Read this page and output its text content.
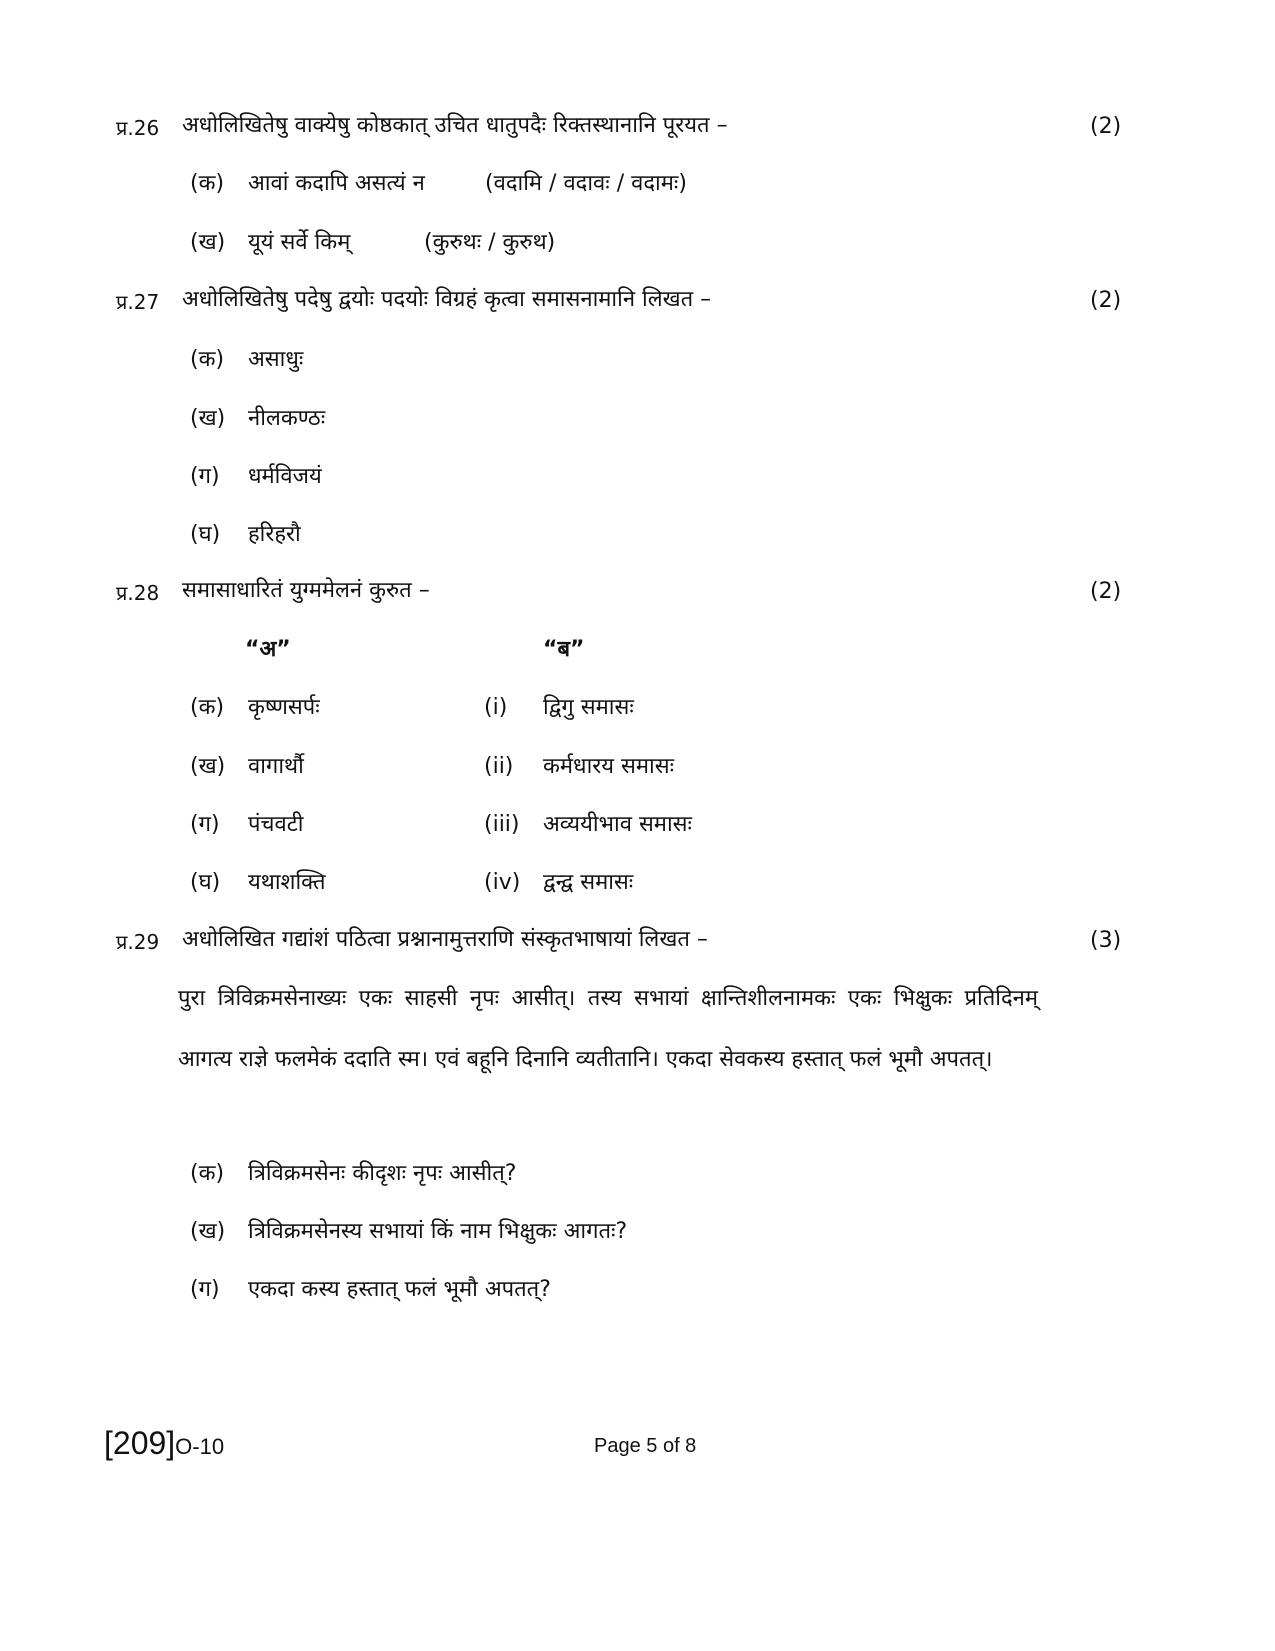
प्र.26 अधोलिखितेषु वाक्येषु कोष्ठकात् उचित धातुपदैः रिक्तस्थानानि पूरयत –	(2)
(क) आवां कदापि असत्यं न	(वदामि / वदावः / वदामः)
(ख) यूयं सर्वे किम्	(कुरुथः / कुरुथ)
प्र.27 अधोलिखितेषु पदेषु द्वयोः पदयोः विग्रहं कृत्वा समासनामानि लिखत –	(2)
(क) असाधुः
(ख) नीलकण्ठः
(ग) धर्मविजयं
(घ) हरिहरौ
प्र.28 समासाधारितं युग्ममेलनं कुरुत –	(2)
“अ”	“ब”
(क) कृष्णसर्पः	(i) द्विगु समासः
(ख) वागार्थौ	(ii) कर्मधारय समासः
(ग) पंचवटी	(iii) अव्ययीभाव समासः
(घ) यथाशक्ति	(iv) द्वन्द्व समासः
प्र.29 अधोलिखित गद्यांशं पठित्वा प्रश्नानामुत्तराणि संस्कृतभाषायां लिखत –	(3)
पुरा त्रिविक्रमसेनाख्यः एकः साहसी नृपः आसीत्। तस्य सभायां क्षान्तिशीलनामकः एकः भिक्षुकः प्रतिदिनम् आगत्य राज्ञे फलमेकं ददाति स्म। एवं बहूनि दिनानि व्यतीतानि। एकदा सेवकस्य हस्तात् फलं भूमौ अपतत्।
(क) त्रिविक्रमसेनः कीदृशः नृपः आसीत्?
(ख) त्रिविक्रमसेनस्य सभायां किं नाम भिक्षुकः आगतः?
(ग) एकदा कस्य हस्तात् फलं भूमौ अपतत्?
[209]O-10	Page 5 of 8
